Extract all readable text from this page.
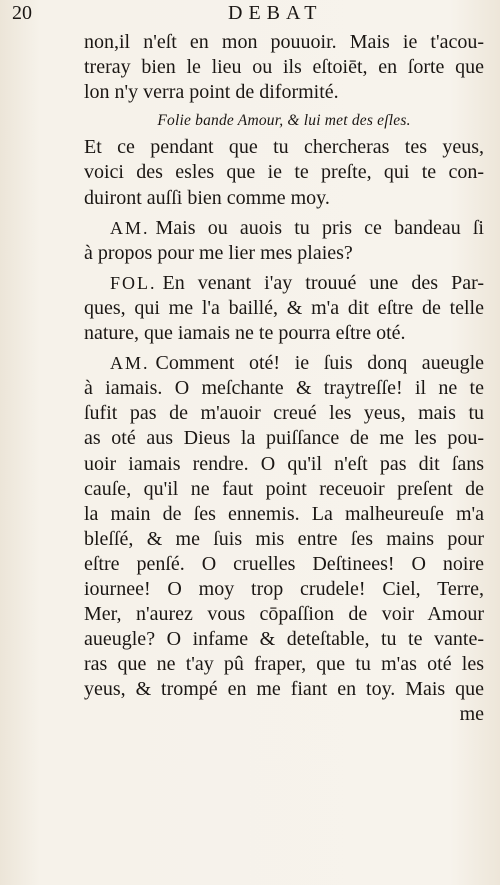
20	DEBAT
non,il n'eſt en mon pouuoir. Mais ie t'acou-
treray bien le lieu ou ils eſtoiēt, en ſorte que
lon n'y verra point de diformité.
Folie bande Amour, & lui met des eſles.
Et ce pendant que tu chercheras tes yeus,
voici des esles que ie te preſte, qui te con-
duiront auſſi bien comme moy.
AM. Mais ou auois tu pris ce bandeau ſi
à propos pour me lier mes plaies?
FOL. En venant i'ay trouué une des Par-
ques, qui me l'a baillé, & m'a dit eſtre de telle
nature, que iamais ne te pourra eſtre oté.
AM. Comment oté! ie ſuis donq aueugle
à iamais. O meſchante & traytreſſe! il ne te
ſufit pas de m'auoir creué les yeus, mais tu
as oté aus Dieus la puiſſance de me les pou-
uoir iamais rendre. O qu'il n'eſt pas dit ſans
cauſe, qu'il ne faut point receuoir preſent de
la main de ſes ennemis. La malheureuſe m'a
bleſſé, & me ſuis mis entre ſes mains pour
eſtre penſé. O cruelles Deſtinees! O noire
iournee! O moy trop crudele! Ciel, Terre,
Mer, n'aurez vous cōpaſſion de voir Amour
aueugle? O infame & deteſtable, tu te vante-
ras que ne t'ay pû fraper, que tu m'as oté les
yeus, & trompé en me fiant en toy. Mais que
me
